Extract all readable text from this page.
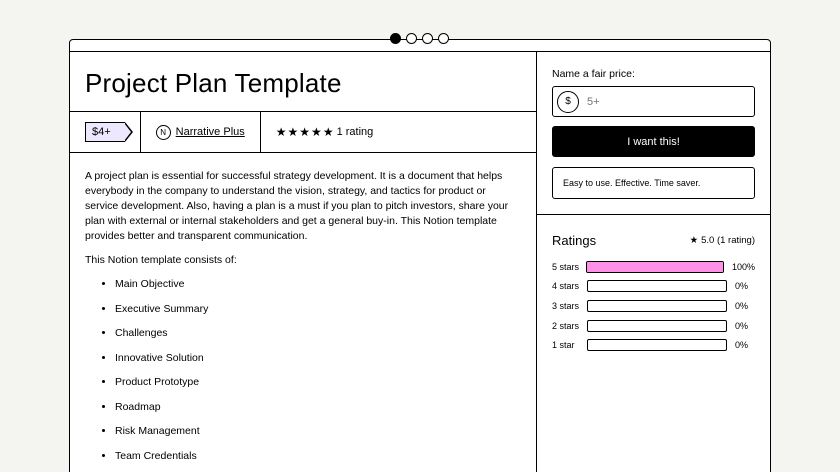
Project Plan Template
$4+	N Narrative Plus	★ ★ ★ ★ ★ 1 rating

A project plan is essential for successful strategy development. It is a document that helps everybody in the company to understand the vision, strategy, and tactics for product or service development. Also, having a plan is a must if you plan to pitch investors, share your plan with external or internal stakeholders and get a general buy-in. This Notion template provides better and transparent communication.

This Notion template consists of:

• Main Objective
• Executive Summary
• Challenges
• Innovative Solution
• Product Prototype
• Roadmap
• Risk Management
• Team Credentials
Name a fair price:
$
5+
I want this!
Easy to use. Effective. Time saver.
Ratings	★ 5.0 (1 rating)
5 stars	100%
4 stars	0%
3 stars	0%
2 stars	0%
1 star	0%
